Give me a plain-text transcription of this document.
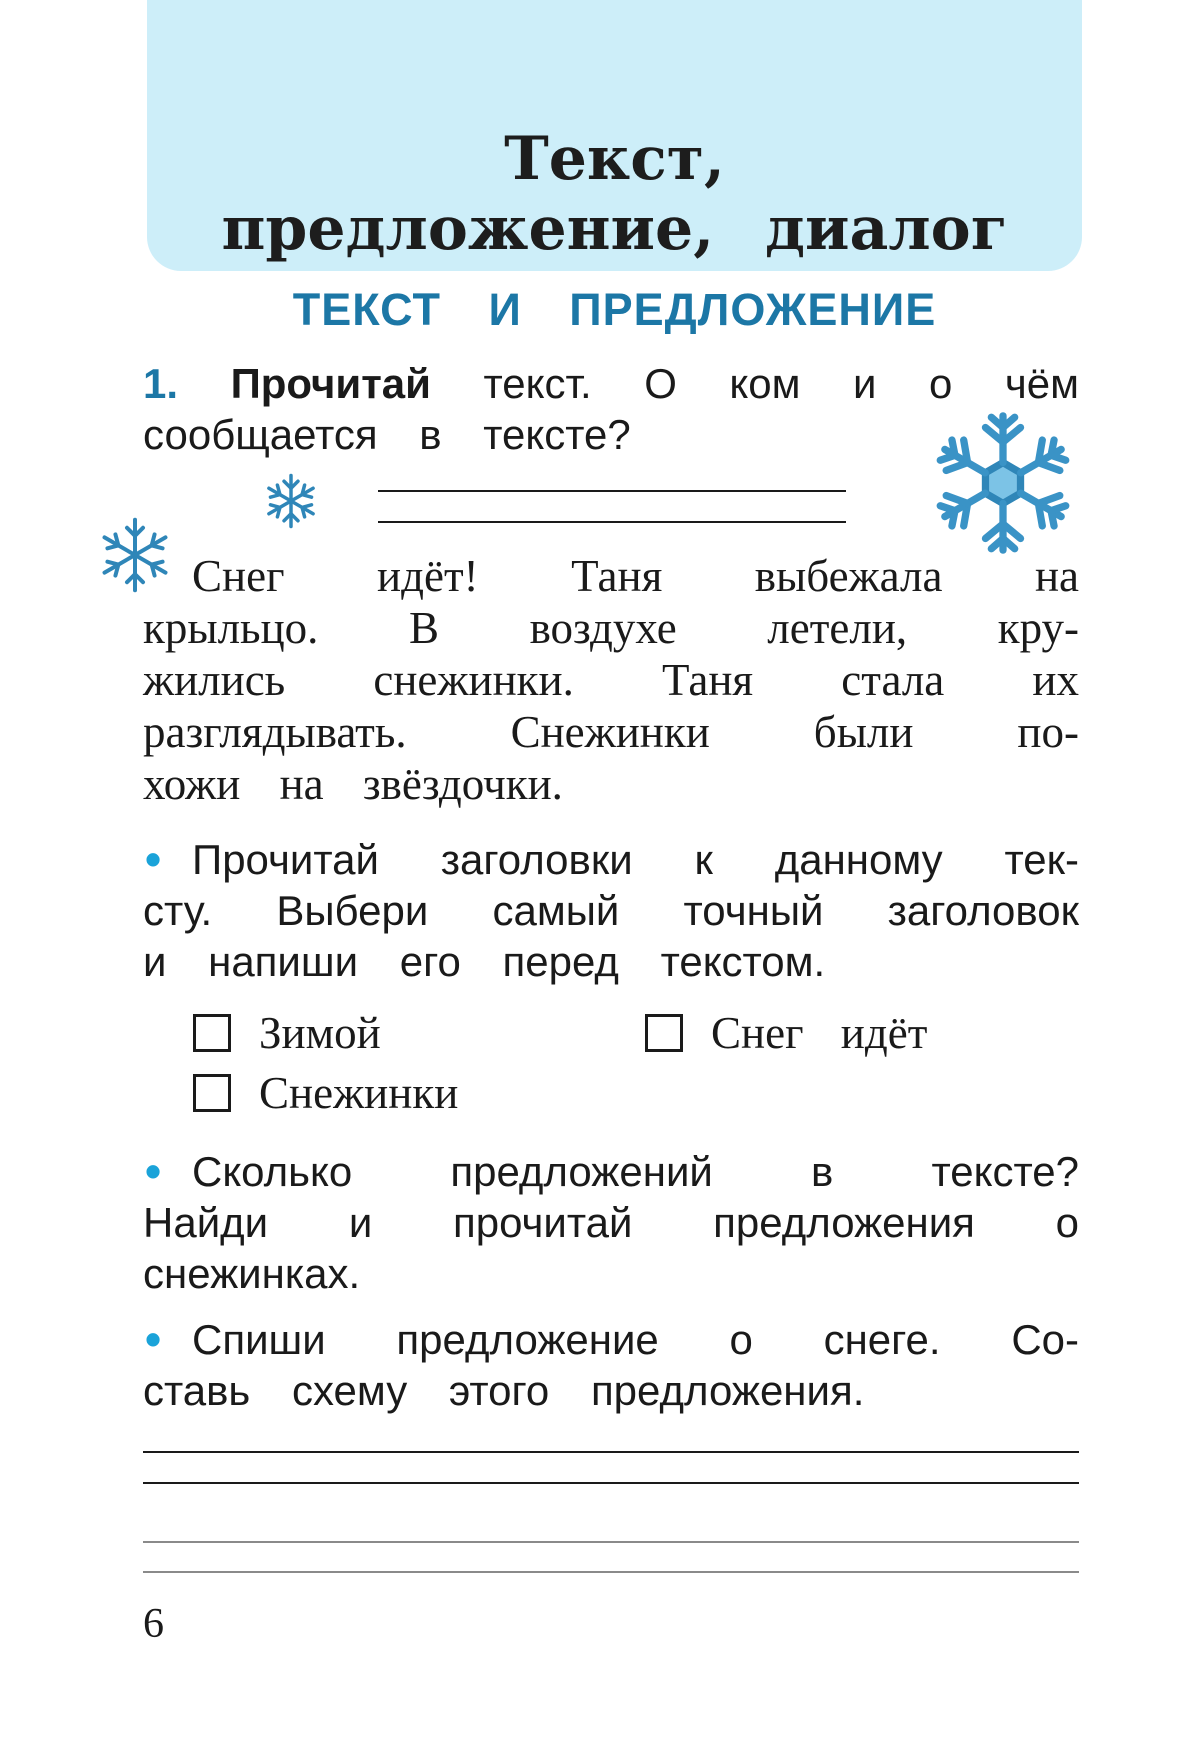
Текст,
предложение, диалог
ТЕКСТ И ПРЕДЛОЖЕНИЕ

1. Прочитай текст. О ком и о чём

сообщается в тексте?

Снег идёт! Таня выбежала на

крыльцо. В воздухе летели, кру-

жились снежинки. Таня стала их

разглядывать. Снежинки были по-

хожи на звёздочки.

• Прочитай заголовки к данному тек-

сту. Выбери самый точный заголовок

и напиши его перед текстом.

Зимой	Снег идёт
Снежинки
• Сколько предложений в тексте?

Найди и прочитай предложения о

снежинках.

• Спиши предложение о снеге. Со-

ставь схему этого предложения.

6
